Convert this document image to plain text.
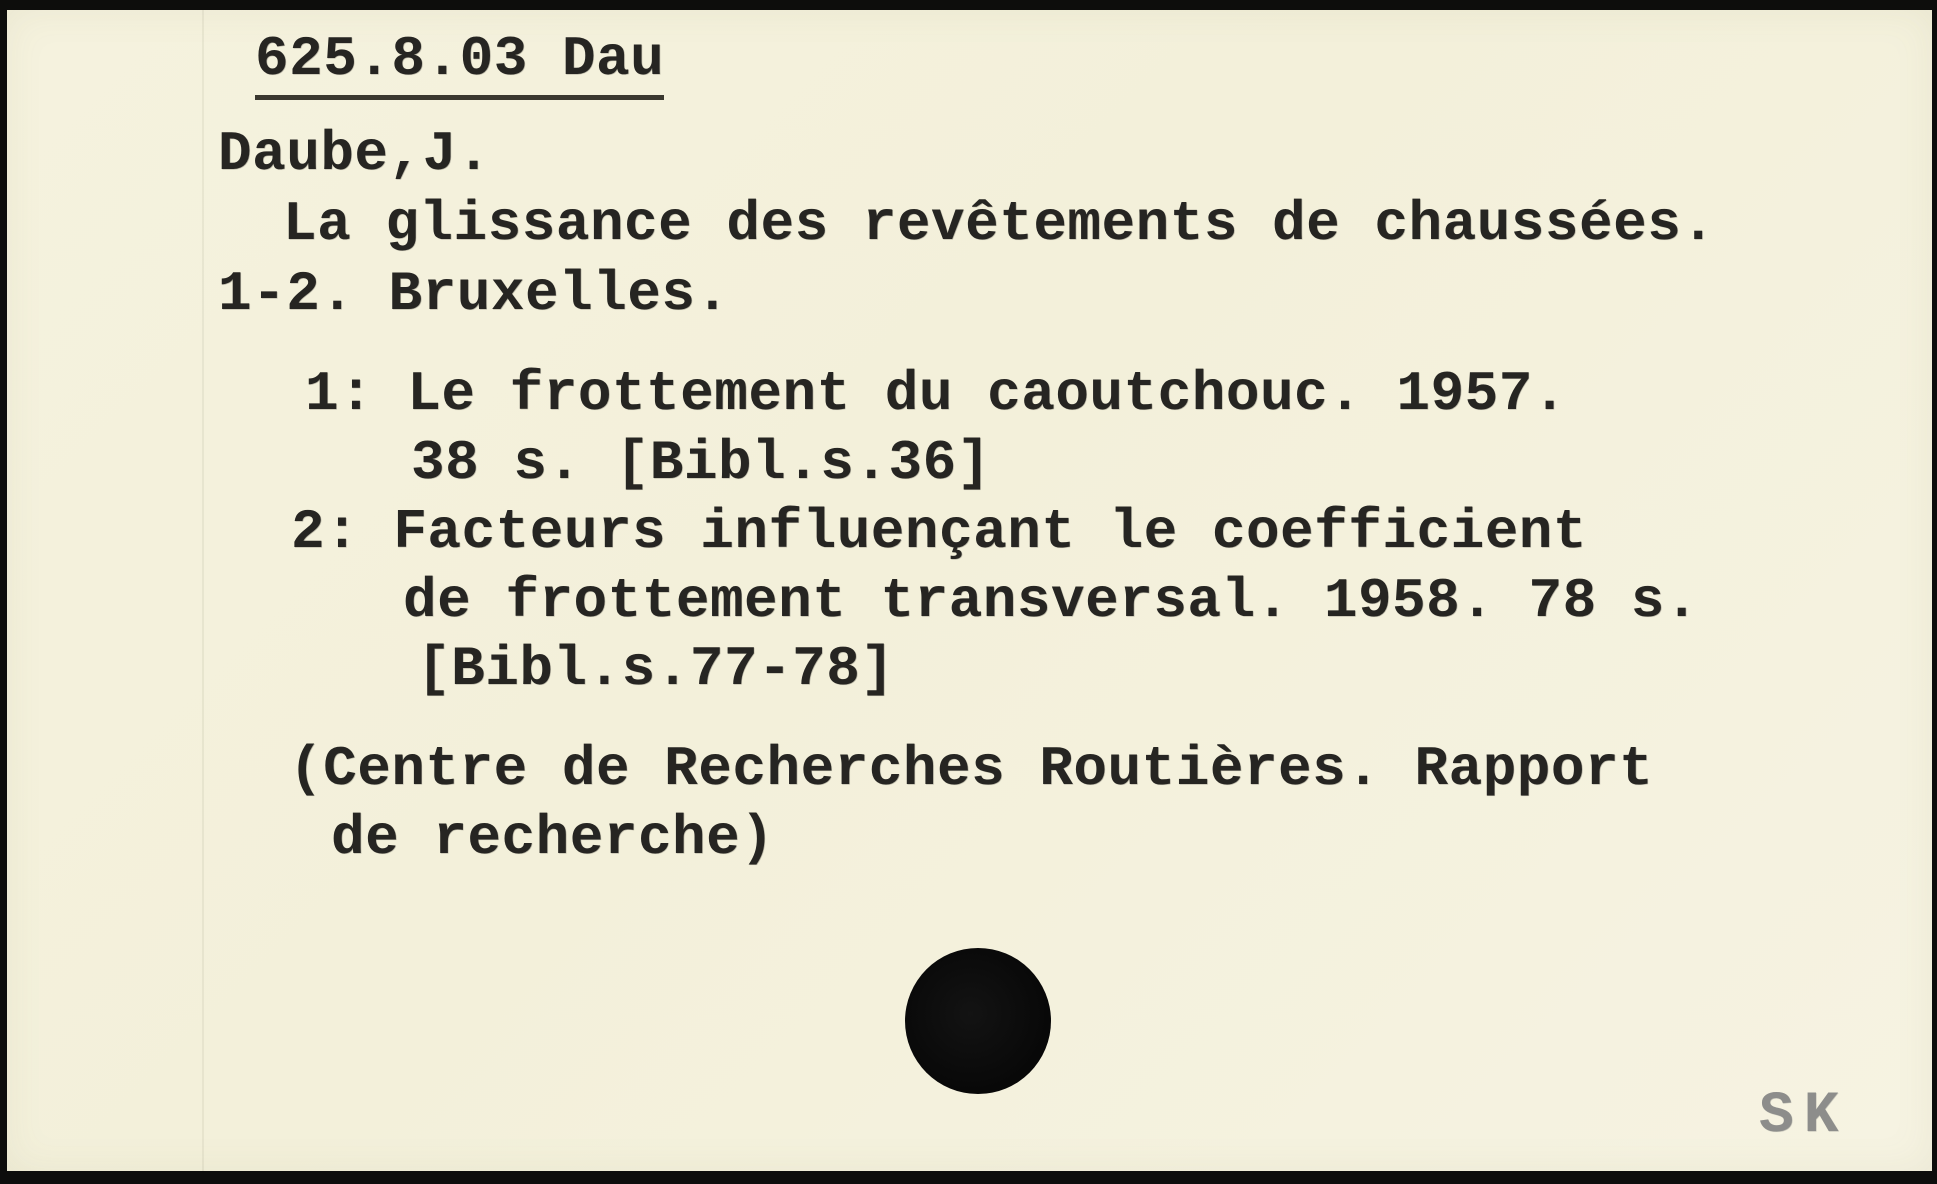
625.8.03 Dau
Daube,J.
La glissance des revêtements de chaussées.
1-2. Bruxelles.
1: Le frottement du caoutchouc. 1957.
38 s. [Bibl.s.36]
2: Facteurs influençant le coefficient
de frottement transversal. 1958. 78 s.
[Bibl.s.77-78]
(Centre de Recherches Routières. Rapport
de recherche)
SK
